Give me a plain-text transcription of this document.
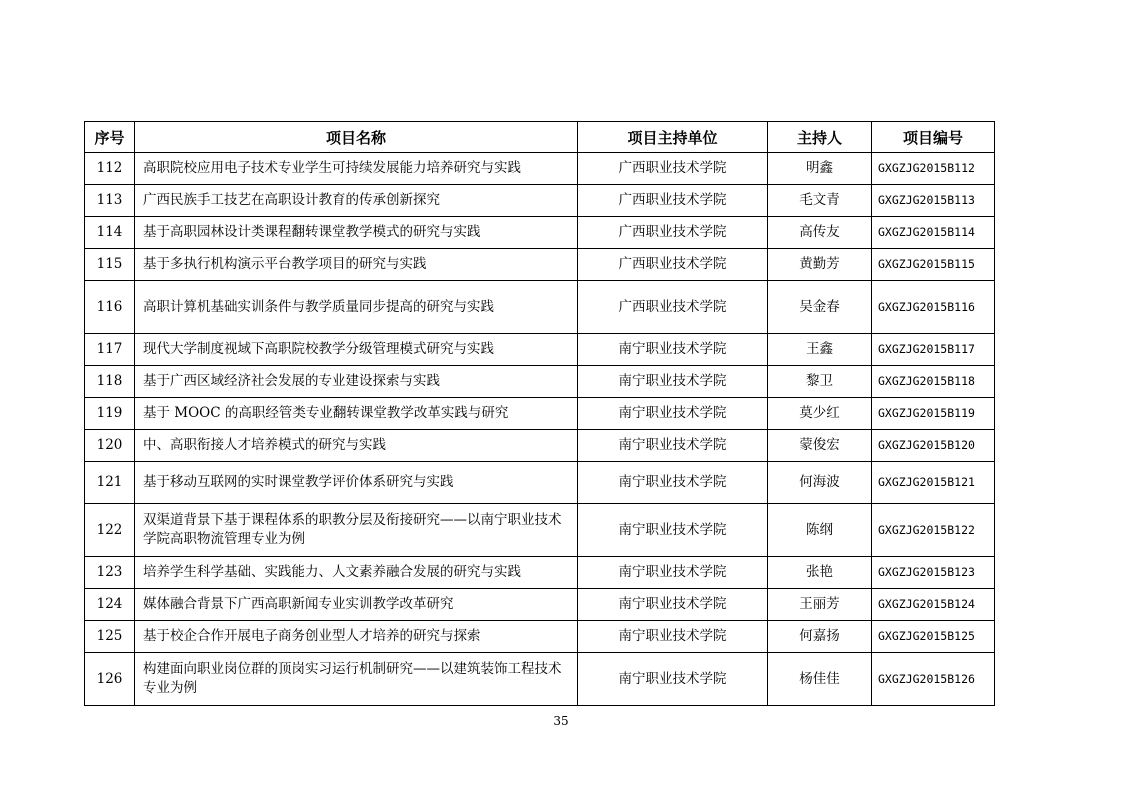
序号	项目名称	项目主持单位	主持人	项目编号
112	高职院校应用电子技术专业学生可持续发展能力培养研究与实践	广西职业技术学院	明鑫	GXGZJG2015B112
113	广西民族手工技艺在高职设计教育的传承创新探究	广西职业技术学院	毛文青	GXGZJG2015B113
114	基于高职园林设计类课程翻转课堂教学模式的研究与实践	广西职业技术学院	高传友	GXGZJG2015B114
115	基于多执行机构演示平台教学项目的研究与实践	广西职业技术学院	黄勤芳	GXGZJG2015B115
116	高职计算机基础实训条件与教学质量同步提高的研究与实践	广西职业技术学院	吴金春	GXGZJG2015B116
117	现代大学制度视域下高职院校教学分级管理模式研究与实践	南宁职业技术学院	王鑫	GXGZJG2015B117
118	基于广西区域经济社会发展的专业建设探索与实践	南宁职业技术学院	黎卫	GXGZJG2015B118
119	基于 MOOC 的高职经管类专业翻转课堂教学改革实践与研究	南宁职业技术学院	莫少红	GXGZJG2015B119
120	中、高职衔接人才培养模式的研究与实践	南宁职业技术学院	蒙俊宏	GXGZJG2015B120
121	基于移动互联网的实时课堂教学评价体系研究与实践	南宁职业技术学院	何海波	GXGZJG2015B121
122	双渠道背景下基于课程体系的职教分层及衔接研究——以南宁职业技术学院高职物流管理专业为例	南宁职业技术学院	陈纲	GXGZJG2015B122
123	培养学生科学基础、实践能力、人文素养融合发展的研究与实践	南宁职业技术学院	张艳	GXGZJG2015B123
124	媒体融合背景下广西高职新闻专业实训教学改革研究	南宁职业技术学院	王丽芳	GXGZJG2015B124
125	基于校企合作开展电子商务创业型人才培养的研究与探索	南宁职业技术学院	何嘉扬	GXGZJG2015B125
126	构建面向职业岗位群的顶岗实习运行机制研究——以建筑装饰工程技术专业为例	南宁职业技术学院	杨佳佳	GXGZJG2015B126
35
